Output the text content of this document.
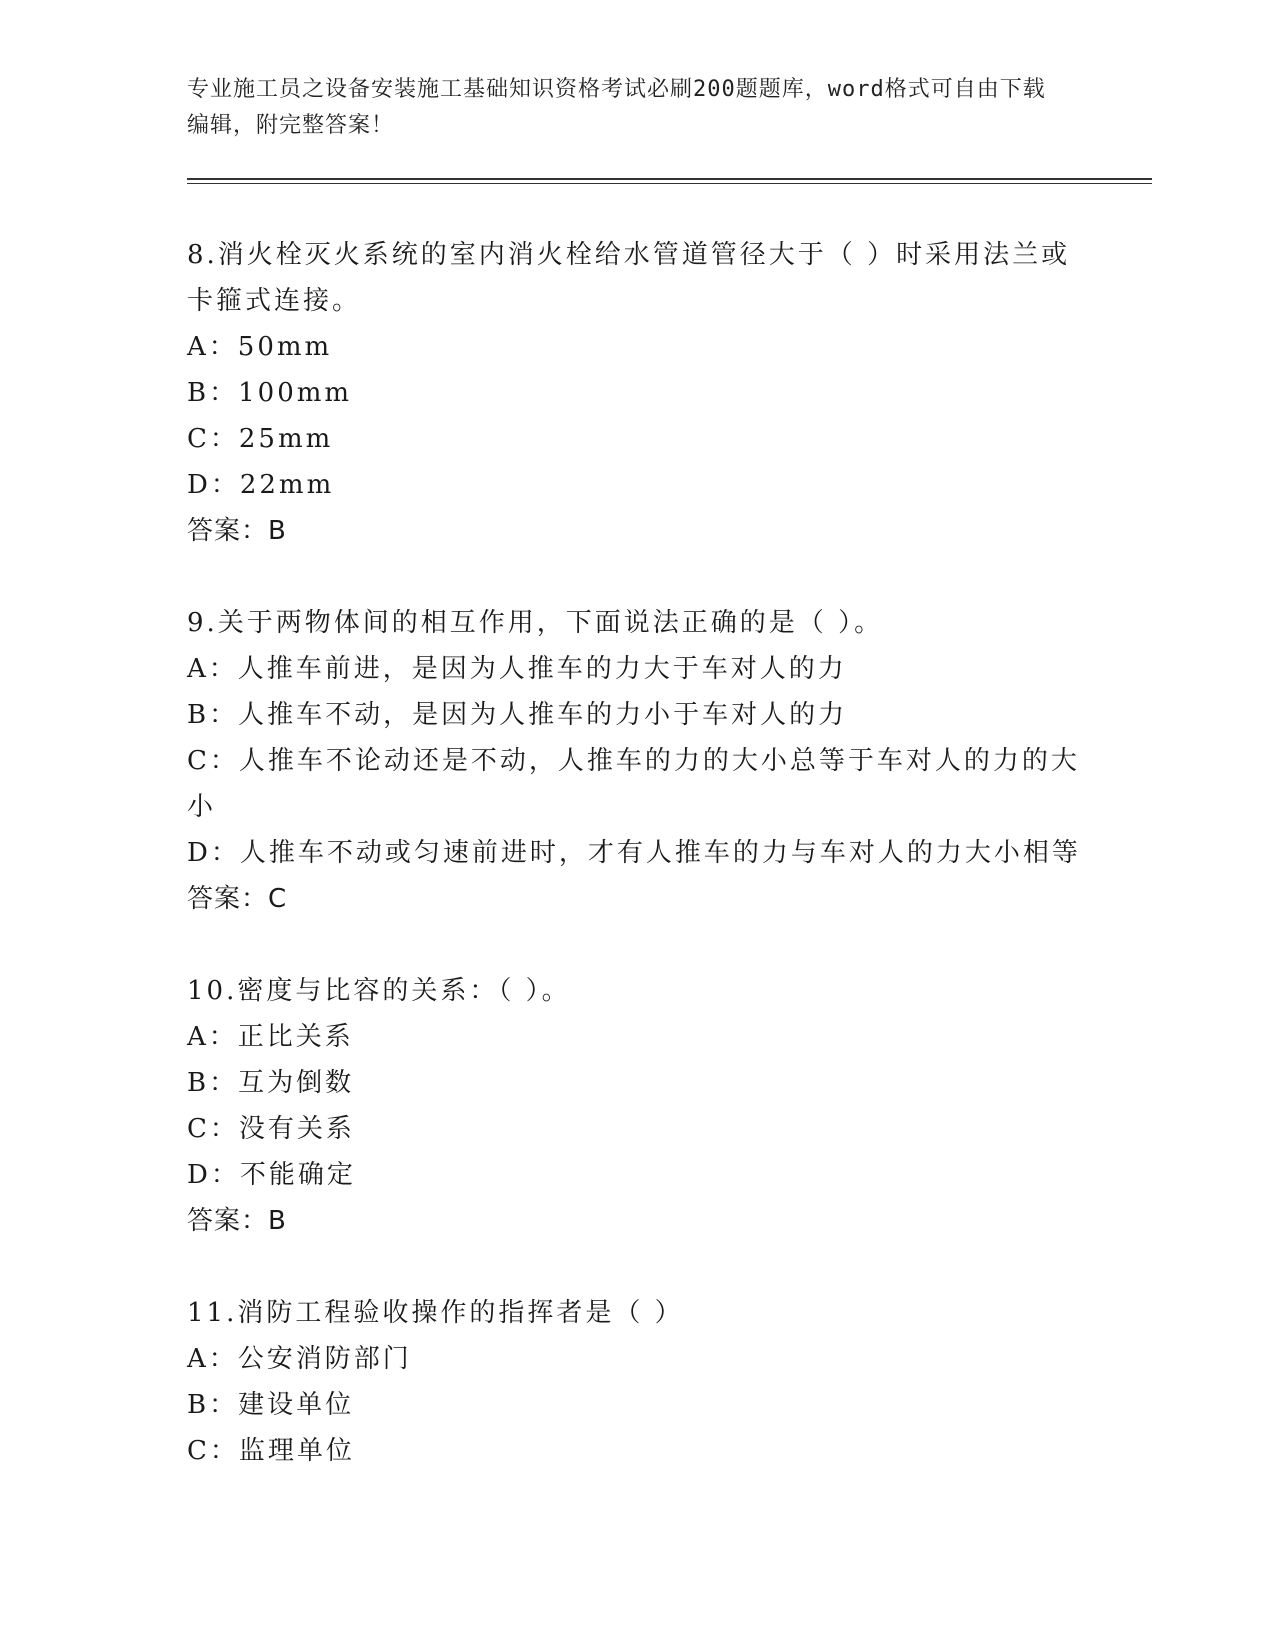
专业施工员之设备安装施工基础知识资格考试必刷200题题库，word格式可自由下载编辑，附完整答案！

8.消火栓灭火系统的室内消火栓给水管道管径大于（ ）时采用法兰或卡箍式连接。

A：50mm

B：100mm

C：25mm

D：22mm

答案：B

9.关于两物体间的相互作用，下面说法正确的是（ ）。

A：人推车前进，是因为人推车的力大于车对人的力

B：人推车不动，是因为人推车的力小于车对人的力

C：人推车不论动还是不动，人推车的力的大小总等于车对人的力的大小

D：人推车不动或匀速前进时，才有人推车的力与车对人的力大小相等

答案：C

10.密度与比容的关系：（ ）。

A：正比关系

B：互为倒数

C：没有关系

D：不能确定

答案：B

11.消防工程验收操作的指挥者是（ ）

A：公安消防部门

B：建设单位

C：监理单位
